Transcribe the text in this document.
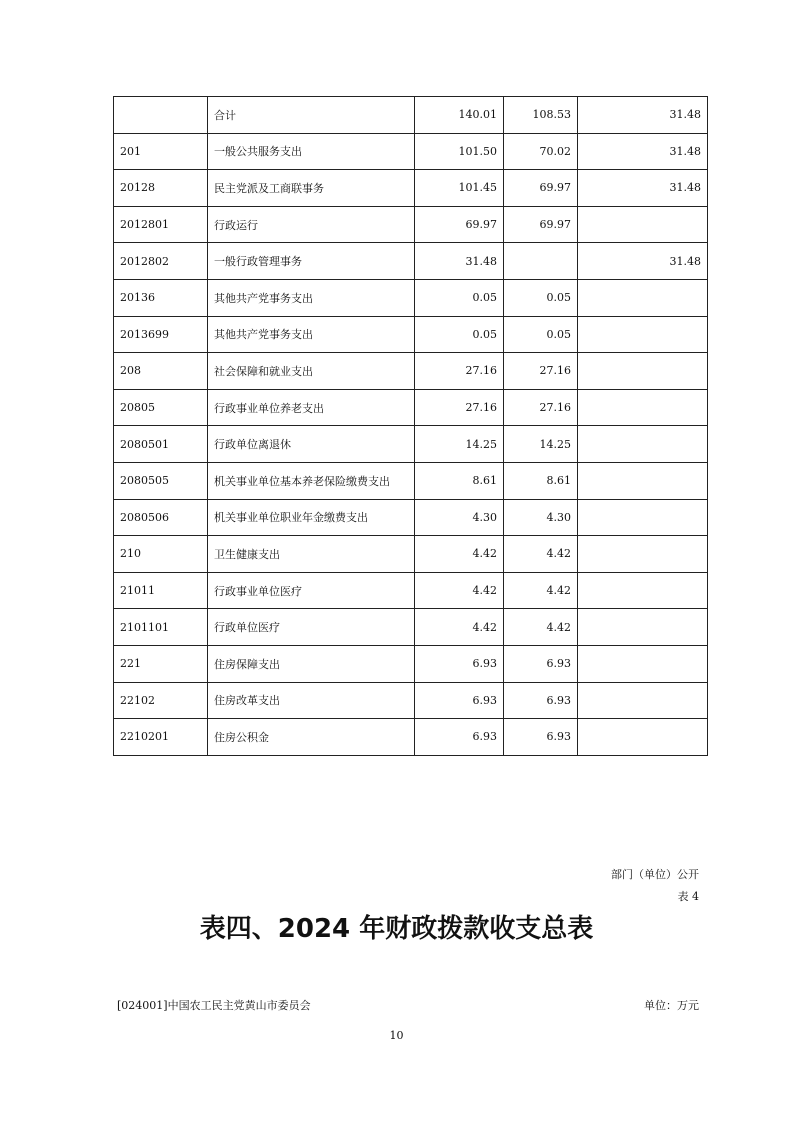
	合计	140.01	108.53	31.48
201	一般公共服务支出	101.50	70.02	31.48
20128	民主党派及工商联事务	101.45	69.97	31.48
2012801	行政运行	69.97	69.97	
2012802	一般行政管理事务	31.48		31.48
20136	其他共产党事务支出	0.05	0.05	
2013699	其他共产党事务支出	0.05	0.05	
208	社会保障和就业支出	27.16	27.16	
20805	行政事业单位养老支出	27.16	27.16	
2080501	行政单位离退休	14.25	14.25	
2080505	机关事业单位基本养老保险缴费支出	8.61	8.61	
2080506	机关事业单位职业年金缴费支出	4.30	4.30	
210	卫生健康支出	4.42	4.42	
21011	行政事业单位医疗	4.42	4.42	
2101101	行政单位医疗	4.42	4.42	
221	住房保障支出	6.93	6.93	
22102	住房改革支出	6.93	6.93	
2210201	住房公积金	6.93	6.93	
部门（单位）公开
表 4
表四、2024 年财政拨款收支总表
[024001]中国农工民主党黄山市委员会	单位：万元
10
